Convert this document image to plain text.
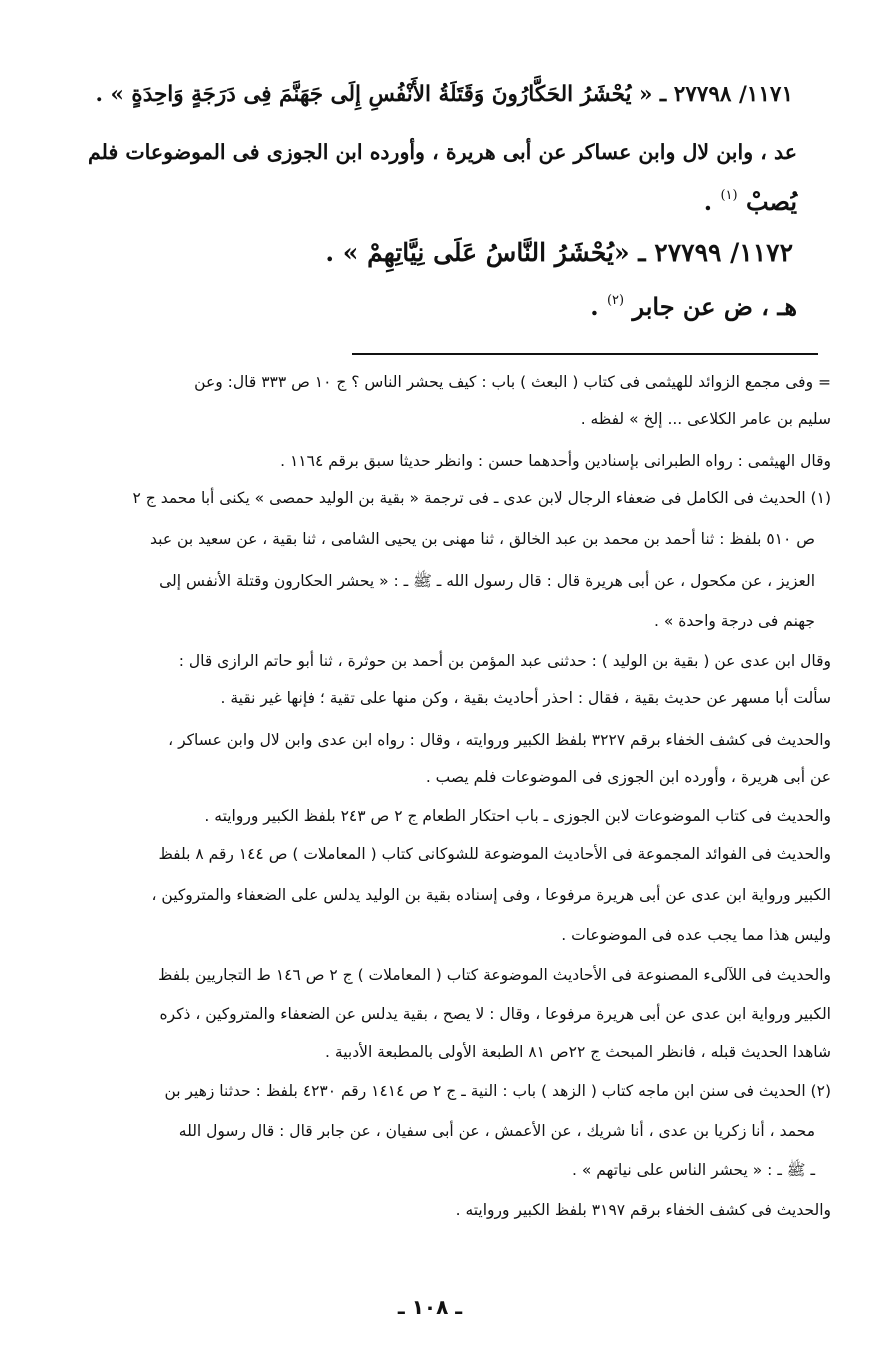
١١٧١/ ٢٧٧٩٨ ـ « يُحْشَرُ الحَكَّارُونَ وَقَتَلَةُ الأَنْفُسِ إِلَى جَهَنَّمَ فِى دَرَجَةٍ وَاحِدَةٍ » .
عد ، وابن لال وابن عساكر عن أبى هريرة ، وأورده ابن الجوزى فى الموضوعات فلم
يُصبْ $^{(١)}$ .
١١٧٢/ ٢٧٧٩٩ ـ «يُحْشَرُ النَّاسُ عَلَى نِيَّاتِهِمْ » .
هـ ، ض عن جابر $^{(٢)}$ .
= وفى مجمع الزوائد للهيثمى فى كتاب ( البعث ) باب : كيف يحشر الناس ؟ ج ١٠ ص ٣٣٣ قال: وعن
سليم بن عامر الكلاعى ... إلخ » لفظه .
وقال الهيثمى : رواه الطبرانى بإسنادين وأحدهما حسن : وانظر حديثا سبق برقم ١١٦٤ .
(١) الحديث فى الكامل فى ضعفاء الرجال لابن عدى ـ فى ترجمة « بقية بن الوليد حمصى » يكنى أبا محمد ج ٢
ص ٥١٠ بلفظ : ثنا أحمد بن محمد بن عبد الخالق ، ثنا مهنى بن يحيى الشامى ، ثنا بقية ، عن سعيد بن عبد
العزيز ، عن مكحول ، عن أبى هريرة قال : قال رسول الله ـ ﷺ ـ : « يحشر الحكارون وقتلة الأنفس إلى
جهنم فى درجة واحدة » .
وقال ابن عدى عن ( بقية بن الوليد ) : حدثنى عبد المؤمن بن أحمد بن حوثرة ، ثنا أبو حاتم الرازى قال :
سألت أبا مسهر عن حديث بقية ، فقال : احذر أحاديث بقية ، وكن منها على تقية ؛ فإنها غير نقية .
والحديث فى كشف الخفاء برقم ٣٢٢٧ بلفظ الكبير وروايته ، وقال : رواه ابن عدى وابن لال وابن عساكر ،
عن أبى هريرة ، وأورده ابن الجوزى فى الموضوعات فلم يصب .
والحديث فى كتاب الموضوعات لابن الجوزى ـ باب احتكار الطعام ج ٢ ص ٢٤٣ بلفظ الكبير وروايته .
والحديث فى الفوائد المجموعة فى الأحاديث الموضوعة للشوكانى كتاب ( المعاملات ) ص ١٤٤ رقم ٨ بلفظ
الكبير ورواية ابن عدى عن أبى هريرة مرفوعا ، وفى إسناده بقية بن الوليد يدلس على الضعفاء والمتروكين ،
وليس هذا مما يجب عده فى الموضوعات .
والحديث فى اللآلىء المصنوعة فى الأحاديث الموضوعة كتاب ( المعاملات ) ج ٢ ص ١٤٦ ط التجاريين بلفظ
الكبير ورواية ابن عدى عن أبى هريرة مرفوعا ، وقال : لا يصح ، بقية يدلس عن الضعفاء والمتروكين ، ذكره
شاهدا الحديث قبله ، فانظر المبحث ج ٢٢ص ٨١ الطبعة الأولى بالمطبعة الأدبية .
(٢) الحديث فى سنن ابن ماجه كتاب ( الزهد ) باب : النية ـ ج ٢ ص ١٤١٤ رقم ٤٢٣٠ بلفظ : حدثنا زهير بن
محمد ، أنا زكريا بن عدى ، أنا شريك ، عن الأعمش ، عن أبى سفيان ، عن جابر قال : قال رسول الله
ـ ﷺ ـ : « يحشر الناس على نياتهم » .
والحديث فى كشف الخفاء برقم ٣١٩٧ بلفظ الكبير وروايته .
ـ ١٠٨ ـ
